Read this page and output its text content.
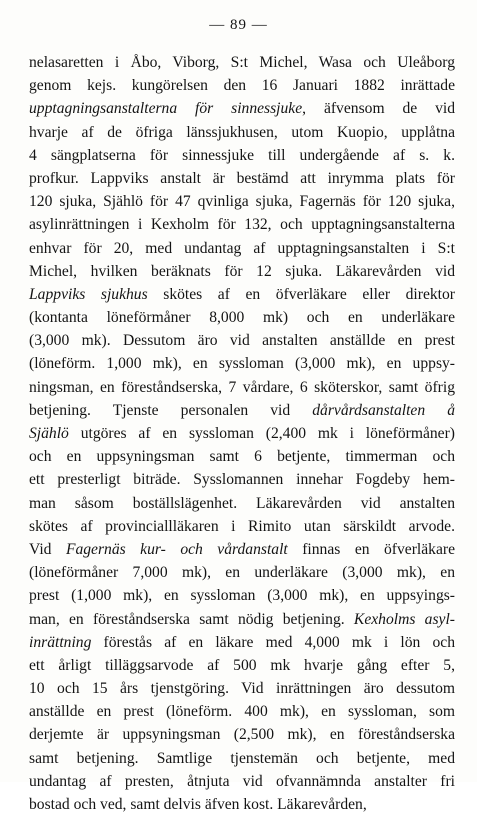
— 89 —
nelasaretten i Åbo, Viborg, S:t Michel, Wasa och Uleåborg
genom kejs. kungörelsen den 16 Januari 1882 inrättade
upptagningsanstalterna för sinnessjuke, äfvensom de vid
hvarje af de öfriga länssjukhusen, utom Kuopio, upplåtna
4 sängplatserna för sinnessjuke till undergående af s. k.
profkur. Lappviks anstalt är bestämd att inrymma plats för
120 sjuka, Sjählö för 47 qvinliga sjuka, Fagernäs för 120 sjuka,
asylinrättningen i Kexholm för 132, och upptagningsanstalterna
enhvar för 20, med undantag af upptagningsanstalten i S:t
Michel, hvilken beräknats för 12 sjuka. Läkarevården vid
Lappviks sjukhus skötes af en öfverläkare eller direktor
(kontanta löneförmåner 8,000 mk) och en underläkare
(3,000 mk). Dessutom äro vid anstalten anställde en prest
(löneförm. 1,000 mk), en syssloman (3,000 mk), en uppsy-
ningsman, en föreståndserska, 7 vårdare, 6 sköterskor, samt öfrig
betjening. Tjenste personalen vid dårvårdsanstalten å
Sjählö utgöres af en syssloman (2,400 mk i löneförmåner)
och en uppsyningsman samt 6 betjente, timmerman och
ett presterligt biträde. Sysslomannen innehar Fogdeby hem-
man såsom boställslägenhet. Läkarevården vid anstalten
skötes af provinciallläkaren i Rimito utan särskildt arvode.
Vid Fagernäs kur- och vårdanstalt finnas en öfverläkare
(löneförmåner 7,000 mk), en underläkare (3,000 mk), en
prest (1,000 mk), en syssloman (3,000 mk), en uppsyings-
man, en föreståndserska samt nödig betjening. Kexholms asyl-
inrättning förestås af en läkare med 4,000 mk i lön och
ett årligt tilläggsarvode af 500 mk hvarje gång efter 5,
10 och 15 års tjenstgöring. Vid inrättningen äro dessutom
anställde en prest (löneförm. 400 mk), en syssloman, som
derjemte är uppsyningsman (2,500 mk), en föreståndserska
samt betjening. Samtlige tjenstemän och betjente, med
undantag af presten, åtnjuta vid ofvannämnda anstalter fri
bostad och ved, samt delvis äfven kost. Läkarevården,
